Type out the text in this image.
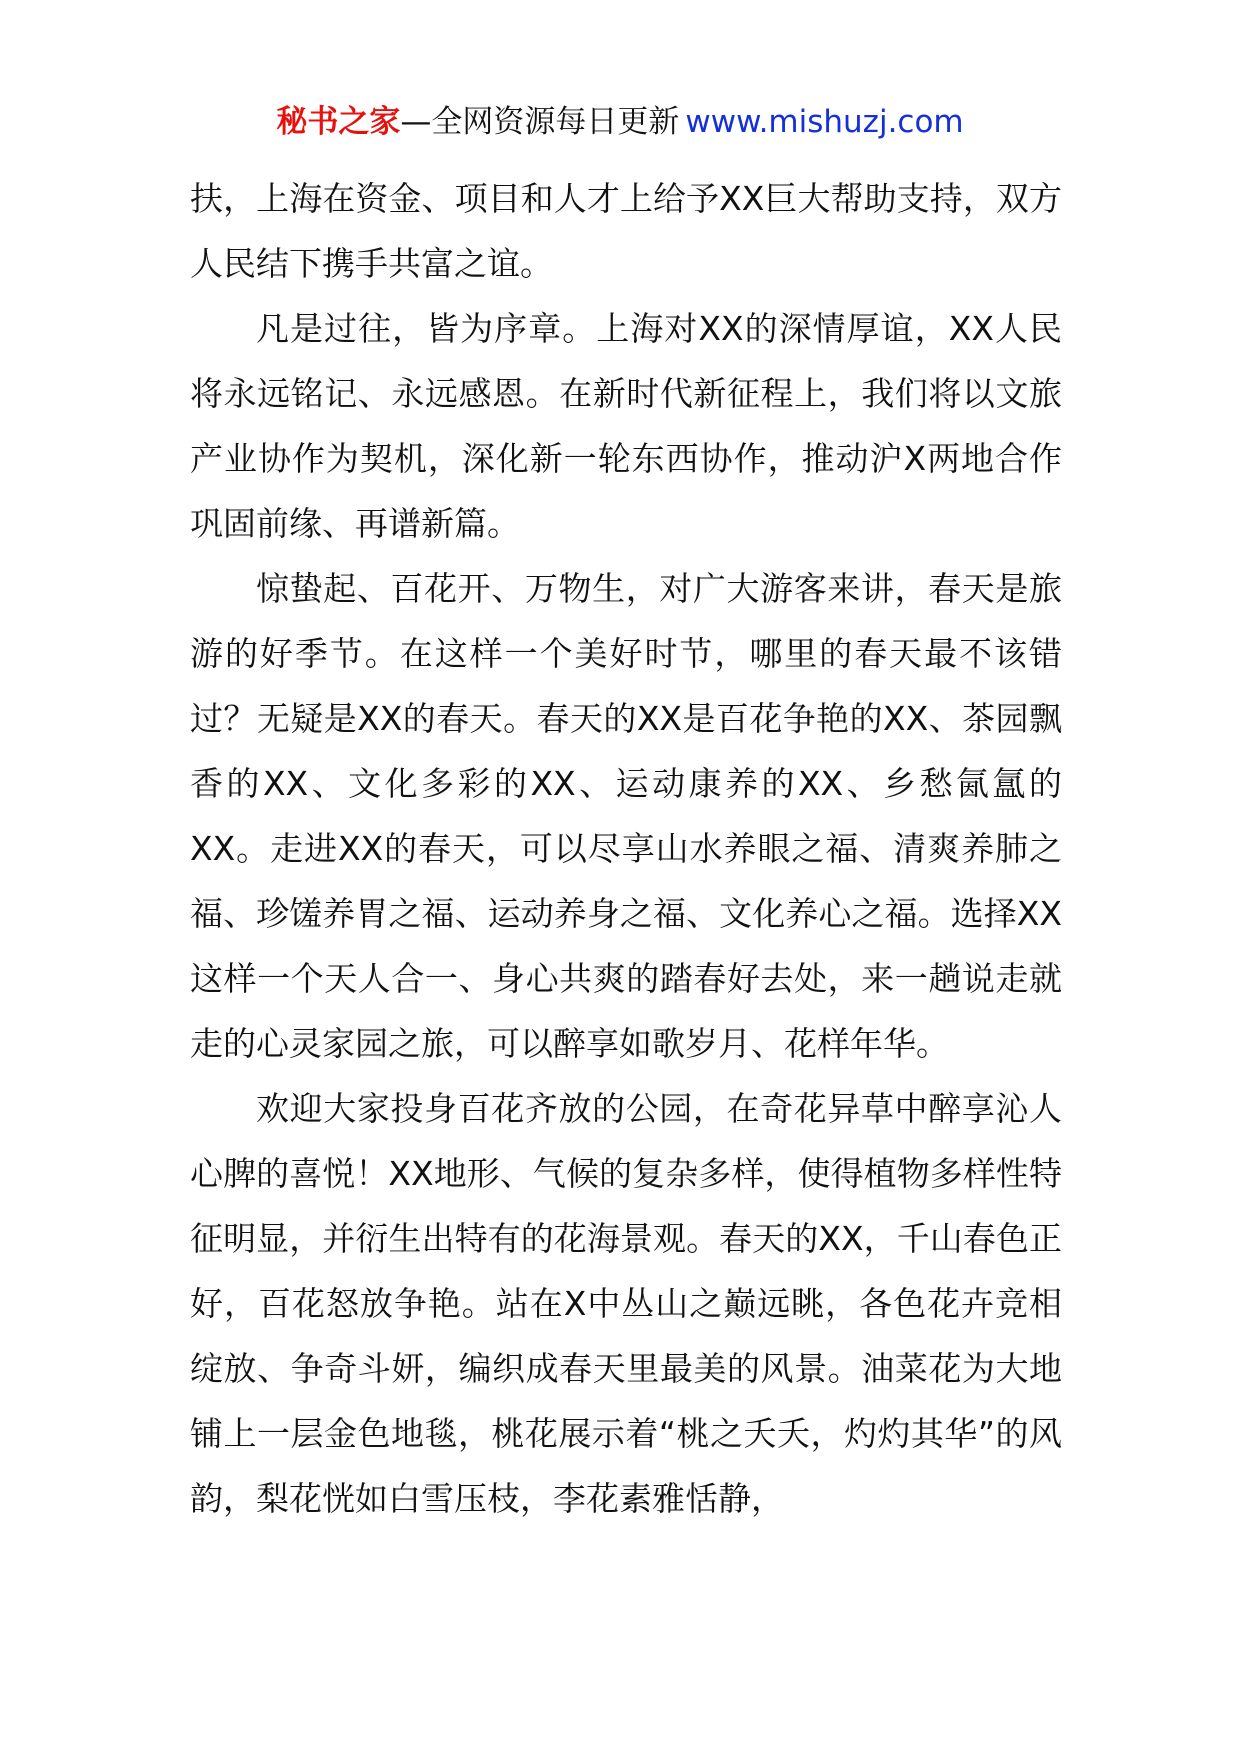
秘书之家—全网资源每日更新 www.mishuzj.com

扶，上海在资金、项目和人才上给予XX巨大帮助支持，双方人民结下携手共富之谊。

凡是过往，皆为序章。上海对XX的深情厚谊，XX人民将永远铭记、永远感恩。在新时代新征程上，我们将以文旅产业协作为契机，深化新一轮东西协作，推动沪X两地合作巩固前缘、再谱新篇。

惊蛰起、百花开、万物生，对广大游客来讲，春天是旅游的好季节。在这样一个美好时节，哪里的春天最不该错过？无疑是XX的春天。春天的XX是百花争艳的XX、茶园飘香的XX、文化多彩的XX、运动康养的XX、乡愁氤氲的XX。走进XX的春天，可以尽享山水养眼之福、清爽养肺之福、珍馐养胃之福、运动养身之福、文化养心之福。选择XX这样一个天人合一、身心共爽的踏春好去处，来一趟说走就走的心灵家园之旅，可以醉享如歌岁月、花样年华。

欢迎大家投身百花齐放的公园，在奇花异草中醉享沁人心脾的喜悦！XX地形、气候的复杂多样，使得植物多样性特征明显，并衍生出特有的花海景观。春天的XX，千山春色正好，百花怒放争艳。站在X中丛山之巅远眺，各色花卉竞相绽放、争奇斗妍，编织成春天里最美的风景。油菜花为大地铺上一层金色地毯，桃花展示着“桃之夭夭，灼灼其华”的风韵，梨花恍如白雪压枝，李花素雅恬静，
